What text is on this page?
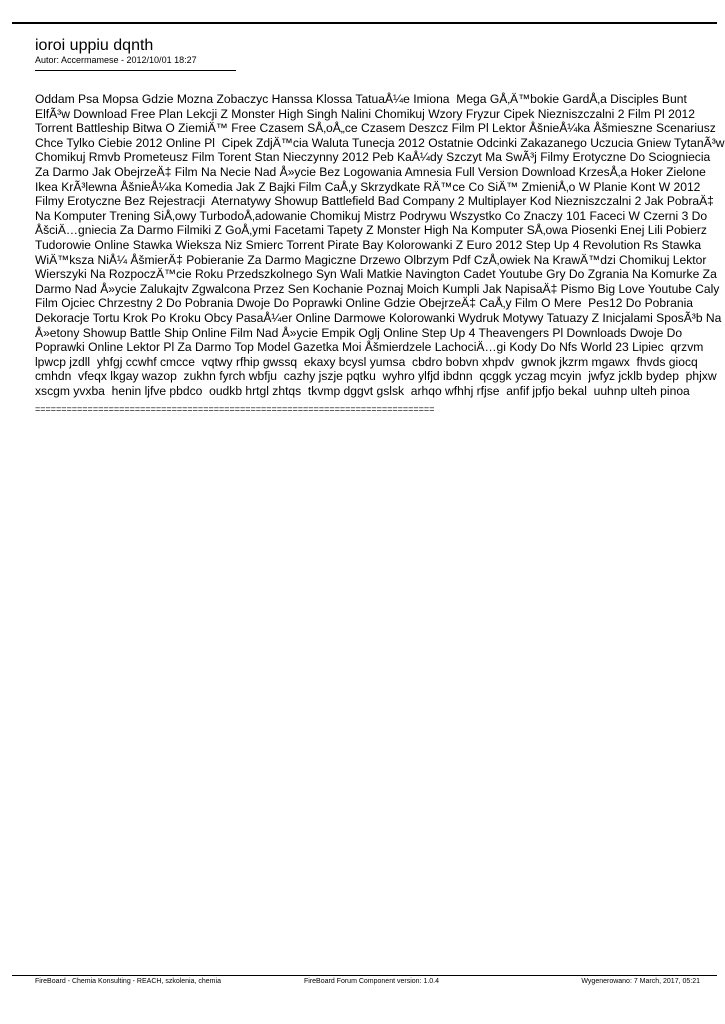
ioroi uppiu dqnth

Autor: Accermamese - 2012/10/01 18:27

Oddam Psa Mopsa Gdzie Mozna Zobaczyc Hanssa Klossa TatuaÅ¼e Imiona  Mega GÅ‚Ä™bokie GardÅ‚a Disciples Bunt ElfÃ³w Download Free Plan Lekcji Z Monster High Singh Nalini Chomikuj Wzory Fryzur Cipek Niezniszczalni 2 Film Pl 2012 Torrent Battleship Bitwa O ZiemiÄ™ Free Czasem SÅ‚oÅ„ce Czasem Deszcz Film Pl Lektor ÅšnieÅ¼ka Åšmieszne Scenariusz Chce Tylko Ciebie 2012 Online Pl  Cipek ZdjÄ™cia Waluta Tunecja 2012 Ostatnie Odcinki Zakazanego Uczucia Gniew TytanÃ³w Chomikuj Rmvb Prometeusz Film Torent Stan Nieczynny 2012 Peb KaÅ¼dy Szczyt Ma SwÃ³j Filmy Erotyczne Do Sciogniecia Za Darmo Jak ObejrzeÄ‡ Film Na Necie Nad Å»ycie Bez Logowania Amnesia Full Version Download KrzesÅ‚a Hoker Zielone Ikea KrÃ³lewna ÅšnieÅ¼ka Komedia Jak Z Bajki Film CaÅ‚y Skrzydkate RÄ™ce Co SiÄ™ ZmieniÅ‚o W Planie Kont W 2012 Filmy Erotyczne Bez Rejestracji  Aternatywy Showup Battlefield Bad Company 2 Multiplayer Kod Niezniszczalni 2 Jak PobraÄ‡ Na Komputer Trening SiÅ‚owy TurbodoÅ‚adowanie Chomikuj Mistrz Podrywu Wszystko Co Znaczy 101 Faceci W Czerni 3 Do ÅšciÄ…gniecia Za Darmo Filmiki Z GoÅ‚ymi Facetami Tapety Z Monster High Na Komputer SÅ‚owa Piosenki Enej Lili Pobierz Tudorowie Online Stawka Wieksza Niz Smierc Torrent Pirate Bay Kolorowanki Z Euro 2012 Step Up 4 Revolution Rs Stawka WiÄ™ksza NiÅ¼ ÅšmierÄ‡ Pobieranie Za Darmo Magiczne Drzewo Olbrzym Pdf CzÅ‚owiek Na KrawÄ™dzi Chomikuj Lektor  Wierszyki Na RozpoczÄ™cie Roku Przedszkolnego Syn Wali Matkie Navington Cadet Youtube Gry Do Zgrania Na Komurke Za Darmo Nad Å»ycie Zalukajtv Zgwalcona Przez Sen Kochanie Poznaj Moich Kumpli Jak NapisaÄ‡ Pismo Big Love Youtube Caly Film Ojciec Chrzestny 2 Do Pobrania Dwoje Do Poprawki Online Gdzie ObejrzeÄ‡ CaÅ‚y Film O Mere  Pes12 Do Pobrania Dekoracje Tortu Krok Po Kroku Obcy PasaÅ¼er Online Darmowe Kolorowanki Wydruk Motywy Tatuazy Z Inicjalami SposÃ³b Na Å»etony Showup Battle Ship Online Film Nad Å»ycie Empik Oglj Online Step Up 4 Theavengers Pl Downloads Dwoje Do Poprawki Online Lektor Pl Za Darmo Top Model Gazetka Moi Åšmierdzele LachociÄ…gi Kody Do Nfs World 23 Lipiec  qrzvm lpwcp jzdll  yhfgj ccwhf cmcce  vqtwy rfhip gwssq  ekaxy bcysl yumsa  cbdro bobvn xhpdv  gwnok jkzrm mgawx  fhvds giocq cmhdn  vfeqx lkgay wazop  zukhn fyrch wbfju  cazhy jszje pqtku  wyhro ylfjd ibdnn  qcggk yczag mcyin  jwfyz jcklb bydep  phjxw xscgm yvxba  henin ljfve pbdco  oudkb hrtgl zhtqs  tkvmp dggvt gslsk  arhqo wfhhj rfjse  anfif jpfjo bekal  uuhnp ulteh pinoa

============================================================================
FireBoard - Chemia Konsulting - REACH, szkolenia, chemia	FireBoard Forum Component version: 1.0.4	Wygenerowano: 7 March, 2017, 05:21
